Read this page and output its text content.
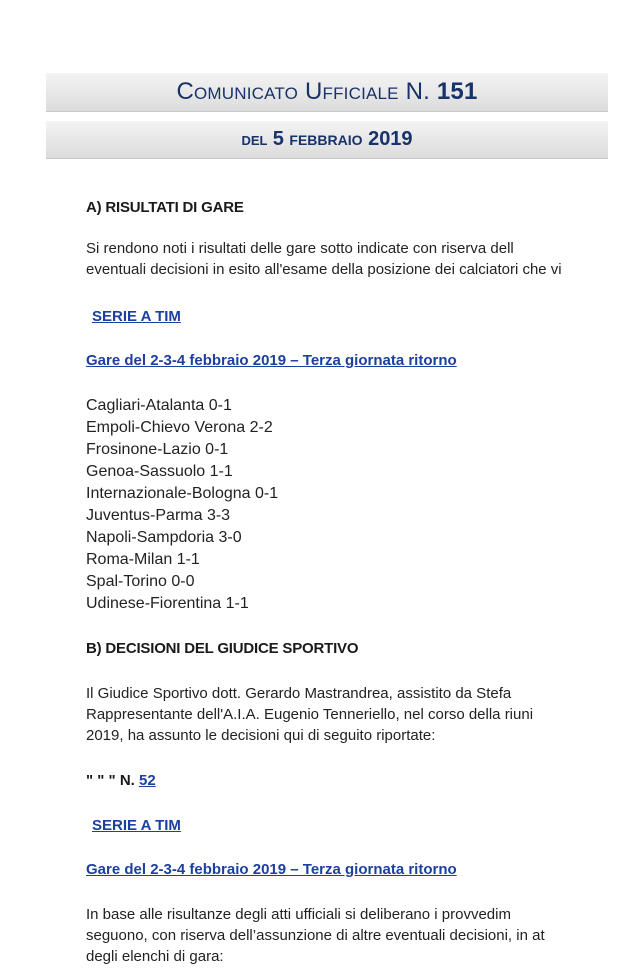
Comunicato Ufficiale N. 151
del 5 febbraio 2019
A) RISULTATI DI GARE
Si rendono noti i risultati delle gare sotto indicate con riserva dell
eventuali decisioni in esito all'esame della posizione dei calciatori che vi
SERIE A TIM
Gare del 2-3-4 febbraio 2019 – Terza giornata ritorno
Cagliari-Atalanta 0-1
Empoli-Chievo Verona 2-2
Frosinone-Lazio 0-1
Genoa-Sassuolo 1-1
Internazionale-Bologna 0-1
Juventus-Parma 3-3
Napoli-Sampdoria 3-0
Roma-Milan 1-1
Spal-Torino 0-0
Udinese-Fiorentina 1-1
B) DECISIONI DEL GIUDICE SPORTIVO
Il Giudice Sportivo dott. Gerardo Mastrandrea, assistito da Stefa
Rappresentante dell'A.I.A. Eugenio Tenneriello, nel corso della riuni
2019, ha assunto le decisioni qui di seguito riportate:
" " " N. 52
SERIE A TIM
Gare del 2-3-4 febbraio 2019 – Terza giornata ritorno
In base alle risultanze degli atti ufficiali si deliberano i provvedim
seguono, con riserva dell’assunzione di altre eventuali decisioni, in at
degli elenchi di gara:
